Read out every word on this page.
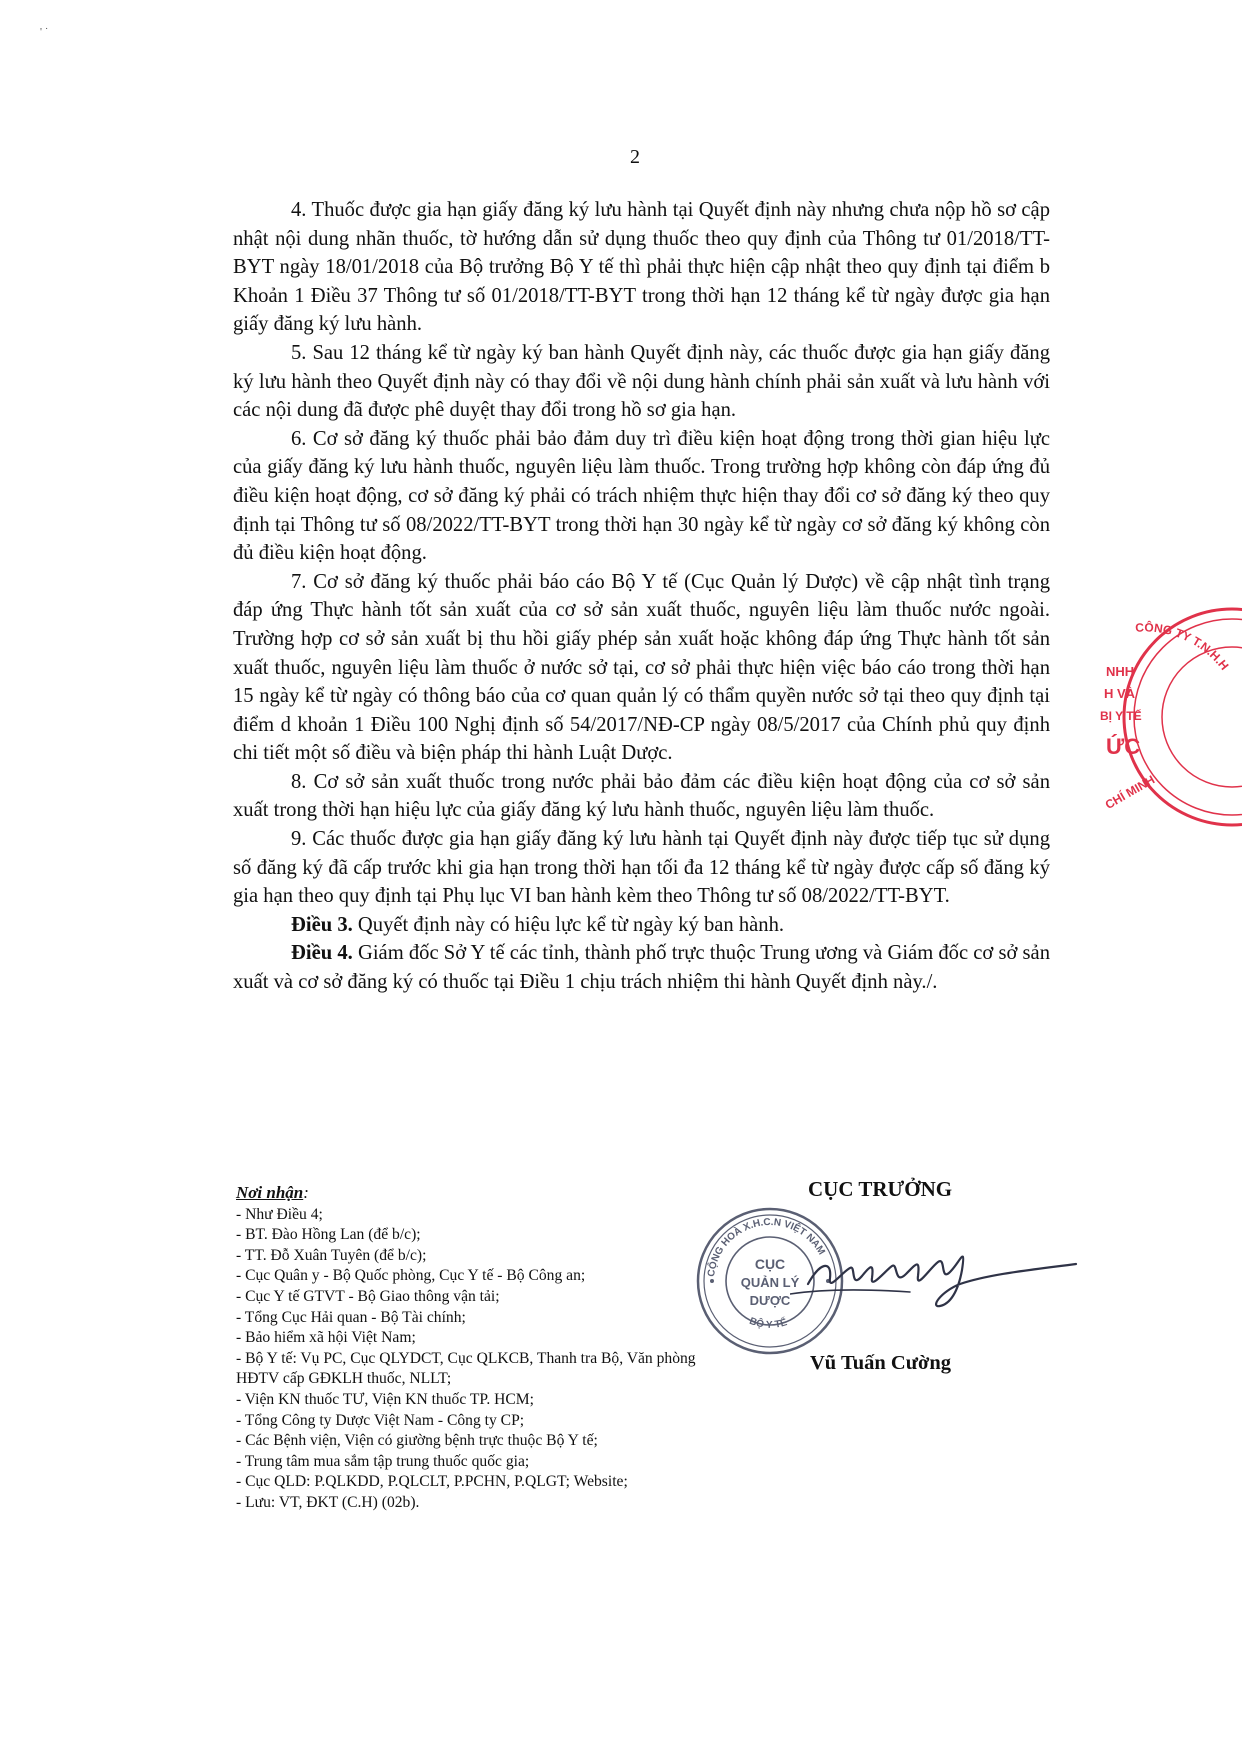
' ˙
2

4. Thuốc được gia hạn giấy đăng ký lưu hành tại Quyết định này nhưng chưa nộp hồ sơ cập nhật nội dung nhãn thuốc, tờ hướng dẫn sử dụng thuốc theo quy định của Thông tư 01/2018/TT-BYT ngày 18/01/2018 của Bộ trưởng Bộ Y tế thì phải thực hiện cập nhật theo quy định tại điểm b Khoản 1 Điều 37 Thông tư số 01/2018/TT-BYT trong thời hạn 12 tháng kể từ ngày được gia hạn giấy đăng ký lưu hành.

5. Sau 12 tháng kể từ ngày ký ban hành Quyết định này, các thuốc được gia hạn giấy đăng ký lưu hành theo Quyết định này có thay đổi về nội dung hành chính phải sản xuất và lưu hành với các nội dung đã được phê duyệt thay đổi trong hồ sơ gia hạn.

6. Cơ sở đăng ký thuốc phải bảo đảm duy trì điều kiện hoạt động trong thời gian hiệu lực của giấy đăng ký lưu hành thuốc, nguyên liệu làm thuốc. Trong trường hợp không còn đáp ứng đủ điều kiện hoạt động, cơ sở đăng ký phải có trách nhiệm thực hiện thay đổi cơ sở đăng ký theo quy định tại Thông tư số 08/2022/TT-BYT trong thời hạn 30 ngày kể từ ngày cơ sở đăng ký không còn đủ điều kiện hoạt động.

7. Cơ sở đăng ký thuốc phải báo cáo Bộ Y tế (Cục Quản lý Dược) về cập nhật tình trạng đáp ứng Thực hành tốt sản xuất của cơ sở sản xuất thuốc, nguyên liệu làm thuốc nước ngoài. Trường hợp cơ sở sản xuất bị thu hồi giấy phép sản xuất hoặc không đáp ứng Thực hành tốt sản xuất thuốc, nguyên liệu làm thuốc ở nước sở tại, cơ sở phải thực hiện việc báo cáo trong thời hạn 15 ngày kể từ ngày có thông báo của cơ quan quản lý có thẩm quyền nước sở tại theo quy định tại điểm d khoản 1 Điều 100 Nghị định số 54/2017/NĐ-CP ngày 08/5/2017 của Chính phủ quy định chi tiết một số điều và biện pháp thi hành Luật Dược.

8. Cơ sở sản xuất thuốc trong nước phải bảo đảm các điều kiện hoạt động của cơ sở sản xuất trong thời hạn hiệu lực của giấy đăng ký lưu hành thuốc, nguyên liệu làm thuốc.

9. Các thuốc được gia hạn giấy đăng ký lưu hành tại Quyết định này được tiếp tục sử dụng số đăng ký đã cấp trước khi gia hạn trong thời hạn tối đa 12 tháng kể từ ngày được cấp số đăng ký gia hạn theo quy định tại Phụ lục VI ban hành kèm theo Thông tư số 08/2022/TT-BYT.

Điều 3. Quyết định này có hiệu lực kể từ ngày ký ban hành.

Điều 4. Giám đốc Sở Y tế các tỉnh, thành phố trực thuộc Trung ương và Giám đốc cơ sở sản xuất và cơ sở đăng ký có thuốc tại Điều 1 chịu trách nhiệm thi hành Quyết định này./.

Nơi nhận:
- Như Điều 4;
- BT. Đào Hồng Lan (để b/c);
- TT. Đỗ Xuân Tuyên (để b/c);
- Cục Quân y - Bộ Quốc phòng, Cục Y tế - Bộ Công an;
- Cục Y tế GTVT - Bộ Giao thông vận tải;
- Tổng Cục Hải quan - Bộ Tài chính;
- Bảo hiểm xã hội Việt Nam;
- Bộ Y tế: Vụ PC, Cục QLYDCT, Cục QLKCB, Thanh tra Bộ, Văn phòng HĐTV cấp GĐKLH thuốc, NLLT;
- Viện KN thuốc TƯ, Viện KN thuốc TP. HCM;
- Tổng Công ty Dược Việt Nam - Công ty CP;
- Các Bệnh viện, Viện có giường bệnh trực thuộc Bộ Y tế;
- Trung tâm mua sắm tập trung thuốc quốc gia;
- Cục QLD: P.QLKDD, P.QLCLT, P.PCHN, P.QLGT; Website;
- Lưu: VT, ĐKT (C.H) (02b).
CỤC TRƯỞNG
CỘNG HOÀ X.H.C.N VIỆT NAM
BỘ Y TẾ
CỤC
QUẢN LÝ
DƯỢC
Vũ Tuấn Cường
CÔNG TY T.N.H.H
NHH
H VÀ
BỊ Y TẾ
ỨC
CHÍ MINH
